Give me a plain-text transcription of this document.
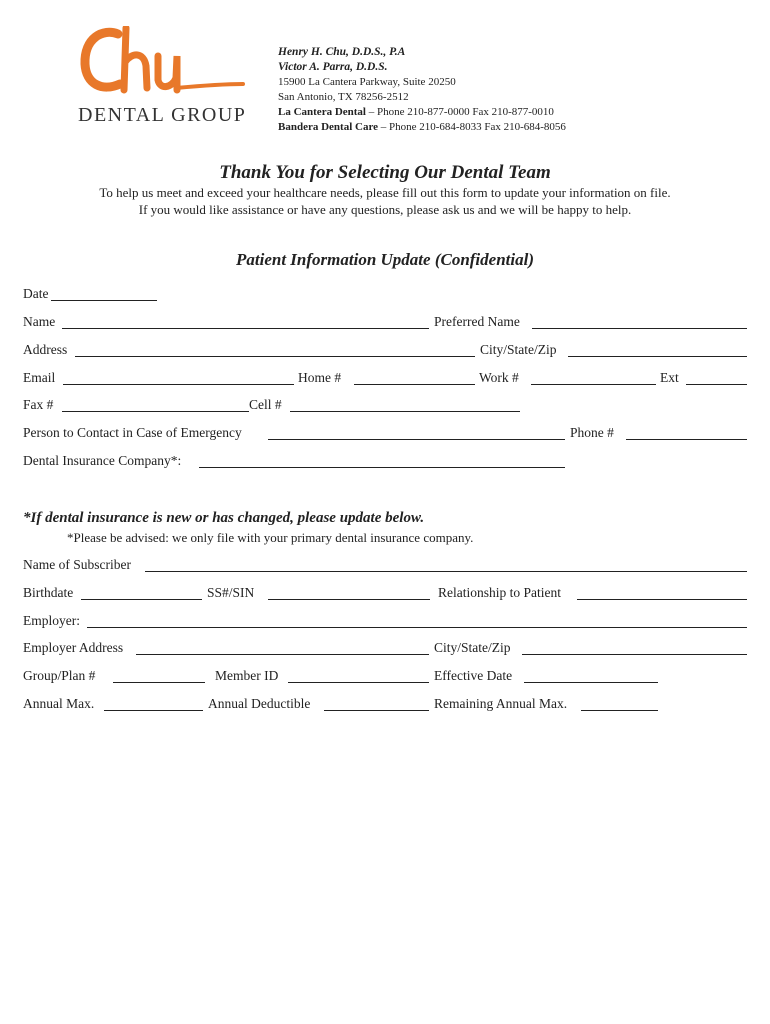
DENTAL GROUP
Henry H. Chu, D.D.S., P.A
Victor A. Parra, D.D.S.
15900 La Cantera Parkway, Suite 20250
San Antonio, TX 78256-2512
La Cantera Dental – Phone 210-877-0000 Fax 210-877-0010
Bandera Dental Care – Phone 210-684-8033 Fax 210-684-8056
Thank You for Selecting Our Dental Team
To help us meet and exceed your healthcare needs, please fill out this form to update your information on file.
If you would like assistance or have any questions, please ask us and we will be happy to help.
Patient Information Update (Confidential)
Date
Name	Preferred Name
Address	City/State/Zip
Email	Home #	Work #	Ext
Fax #	Cell #
Person to Contact in Case of Emergency	Phone #
Dental Insurance Company*:
*If dental insurance is new or has changed, please update below.
*Please be advised: we only file with your primary dental insurance company.
Name of Subscriber
Birthdate	SS#/SIN	Relationship to Patient
Employer:
Employer Address	City/State/Zip
Group/Plan #	Member ID	Effective Date
Annual Max.	Annual Deductible	Remaining Annual Max.
